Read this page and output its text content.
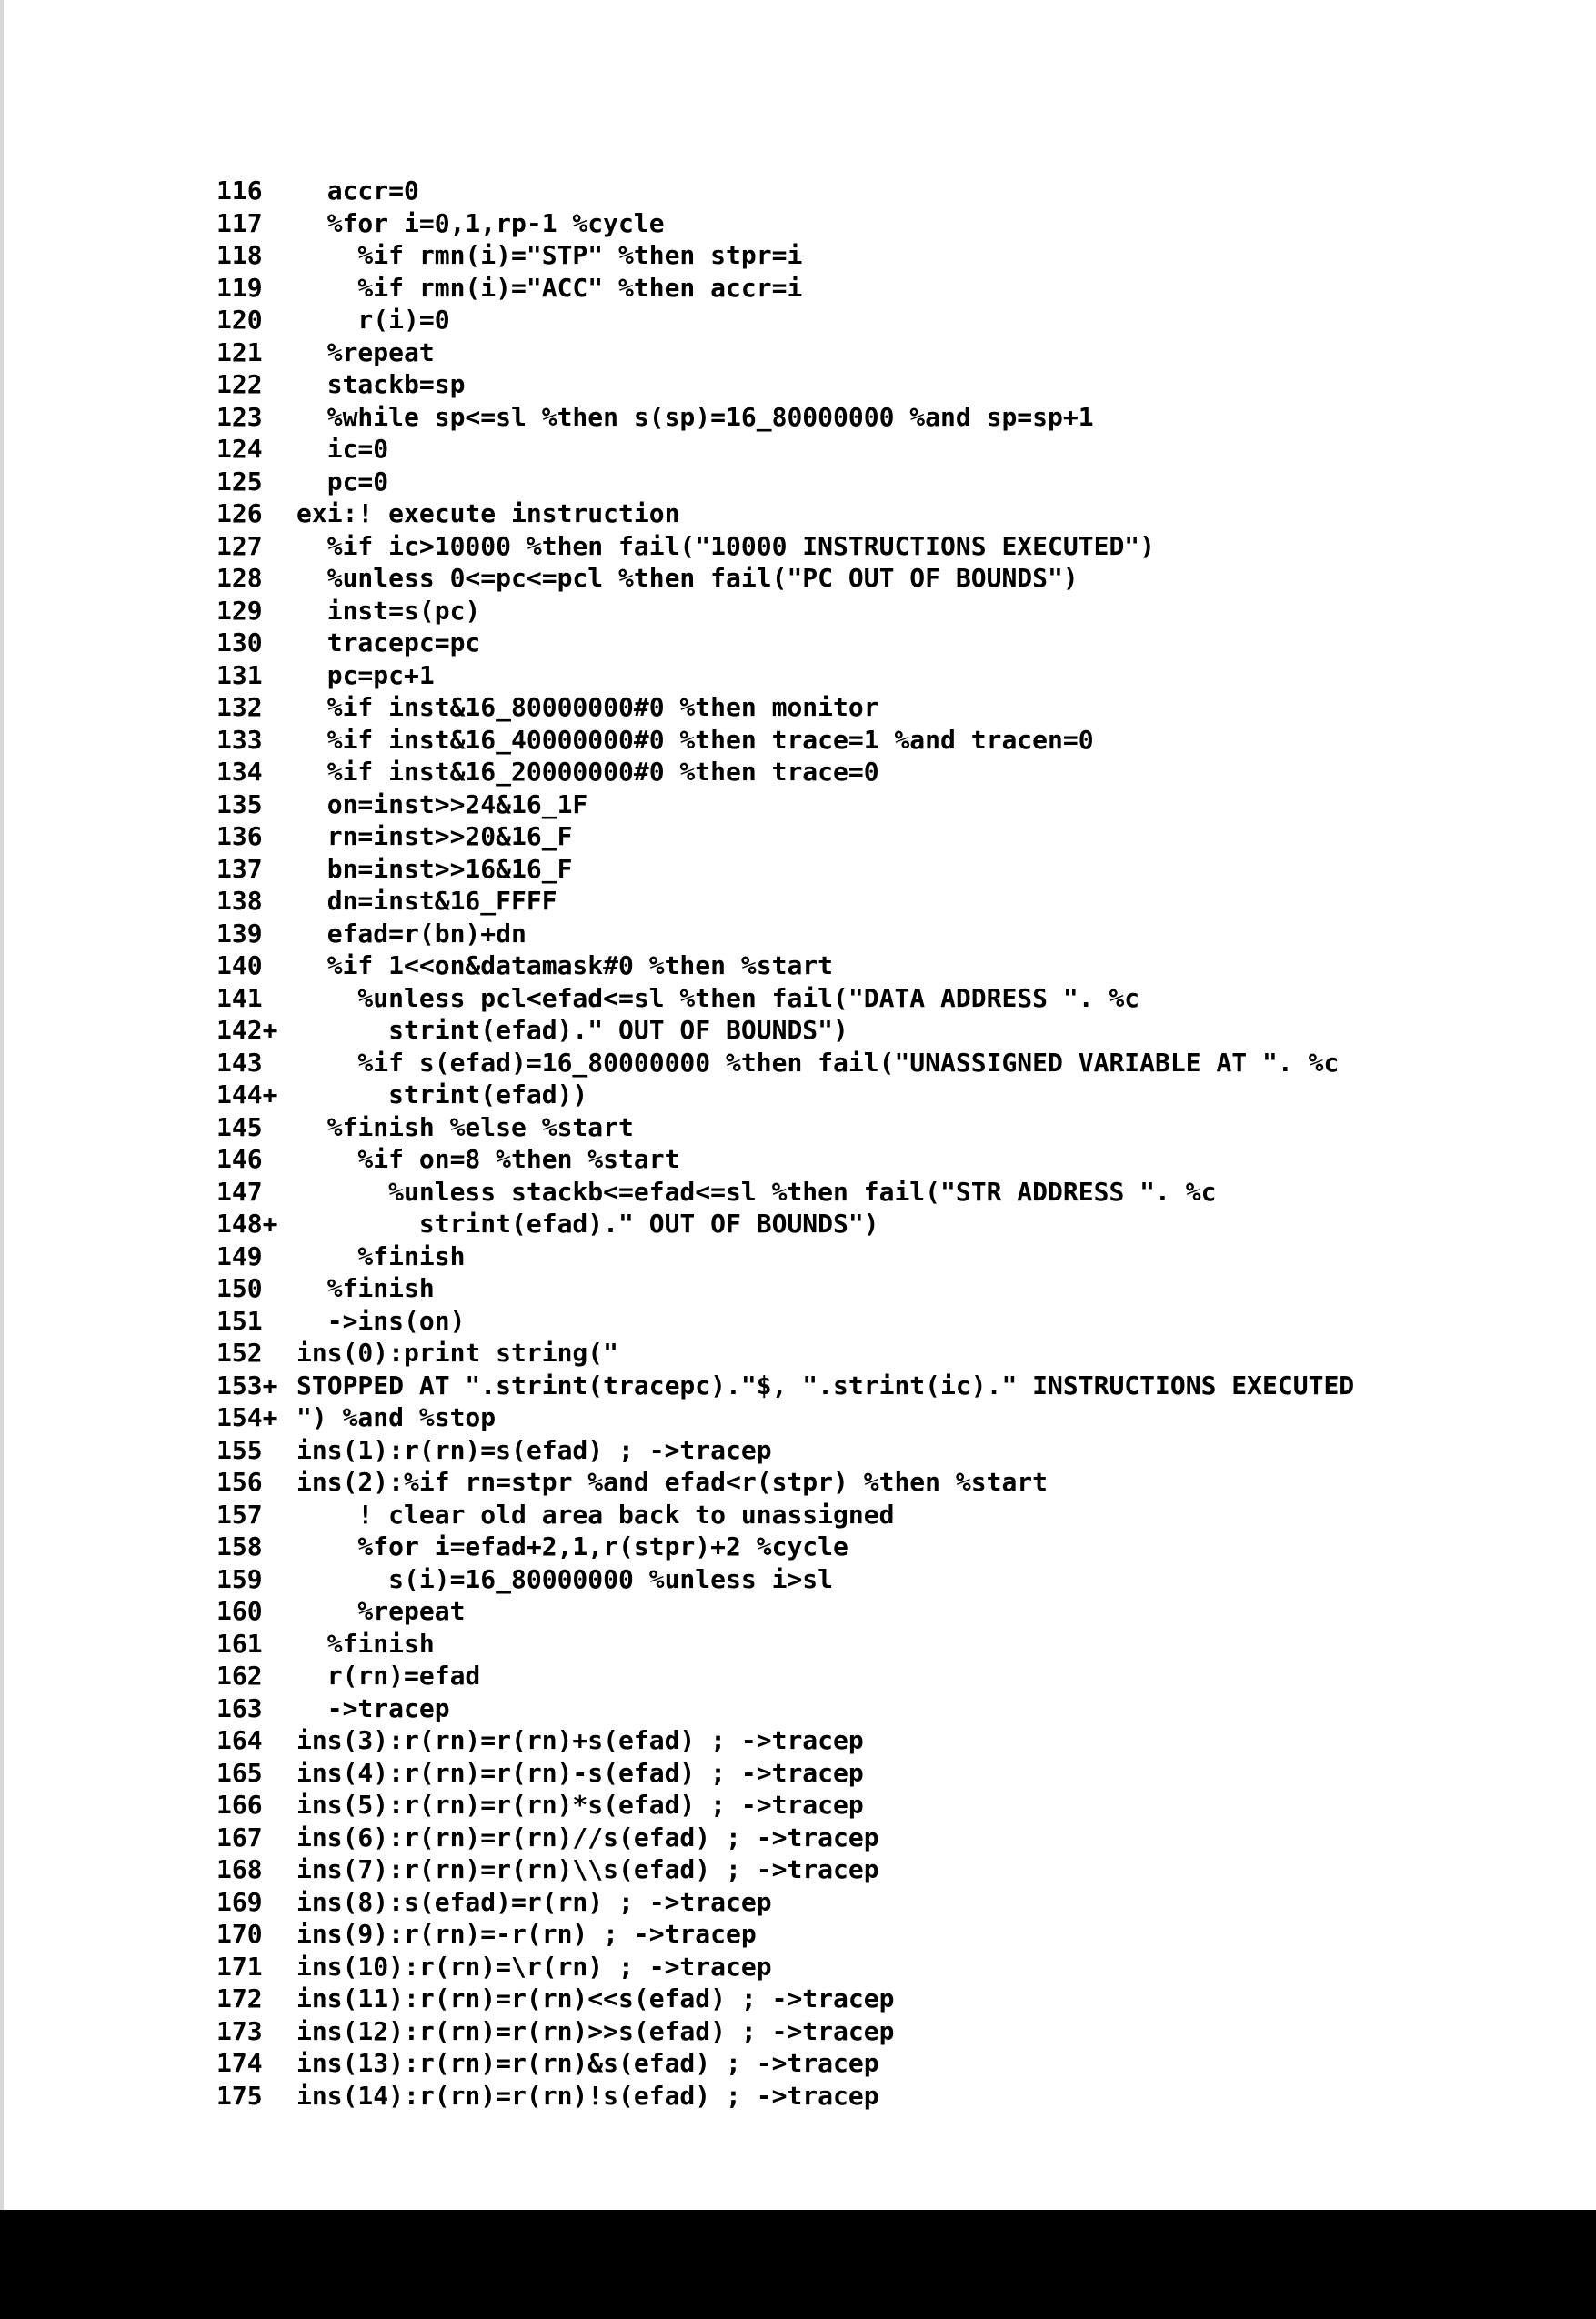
116	accr=0
117	%for i=0,1,rp-1 %cycle
118	%if rmn(i)="STP" %then stpr=i
119	%if rmn(i)="ACC" %then accr=i
120	r(i)=0
121	%repeat
122	stackb=sp
123	%while sp<=sl %then s(sp)=16_80000000 %and sp=sp+1
124	ic=0
125	pc=0
126	exi:! execute instruction
127	%if ic>10000 %then fail("10000 INSTRUCTIONS EXECUTED")
128	%unless 0<=pc<=pcl %then fail("PC OUT OF BOUNDS")
129	inst=s(pc)
130	tracepc=pc
131	pc=pc+1
132	%if inst&16_80000000#0 %then monitor
133	%if inst&16_40000000#0 %then trace=1 %and tracen=0
134	%if inst&16_20000000#0 %then trace=0
135	on=inst>>24&16_1F
136	rn=inst>>20&16_F
137	bn=inst>>16&16_F
138	dn=inst&16_FFFF
139	efad=r(bn)+dn
140	%if 1<<on&datamask#0 %then %start
141	%unless pcl<efad<=sl %then fail("DATA ADDRESS ". %c
142+ strint(efad)." OUT OF BOUNDS")
143	%if s(efad)=16_80000000 %then fail("UNASSIGNED VARIABLE AT ". %c
144+ strint(efad))
145	%finish %else %start
146	%if on=8 %then %start
147	%unless stackb<=efad<=sl %then fail("STR ADDRESS ". %c
148+ strint(efad)." OUT OF BOUNDS")
149	%finish
150	%finish
151	->ins(on)
152	ins(0):print string("
153+ STOPPED AT ".strint(tracepc)."$, ".strint(ic)." INSTRUCTIONS EXECUTED
154+ ") %and %stop
155	ins(1):r(rn)=s(efad) ; ->tracep
156	ins(2):%if rn=stpr %and efad<r(stpr) %then %start
157	! clear old area back to unassigned
158	%for i=efad+2,1,r(stpr)+2 %cycle
159	s(i)=16_80000000 %unless i>sl
160	%repeat
161	%finish
162	r(rn)=efad
163	->tracep
164	ins(3):r(rn)=r(rn)+s(efad) ; ->tracep
165	ins(4):r(rn)=r(rn)-s(efad) ; ->tracep
166	ins(5):r(rn)=r(rn)*s(efad) ; ->tracep
167	ins(6):r(rn)=r(rn)//s(efad) ; ->tracep
168	ins(7):r(rn)=r(rn)\\s(efad) ; ->tracep
169	ins(8):s(efad)=r(rn) ; ->tracep
170	ins(9):r(rn)=-r(rn) ; ->tracep
171	ins(10):r(rn)=\r(rn) ; ->tracep
172	ins(11):r(rn)=r(rn)<<s(efad) ; ->tracep
173	ins(12):r(rn)=r(rn)>>s(efad) ; ->tracep
174	ins(13):r(rn)=r(rn)&s(efad) ; ->tracep
175	ins(14):r(rn)=r(rn)!s(efad) ; ->tracep
